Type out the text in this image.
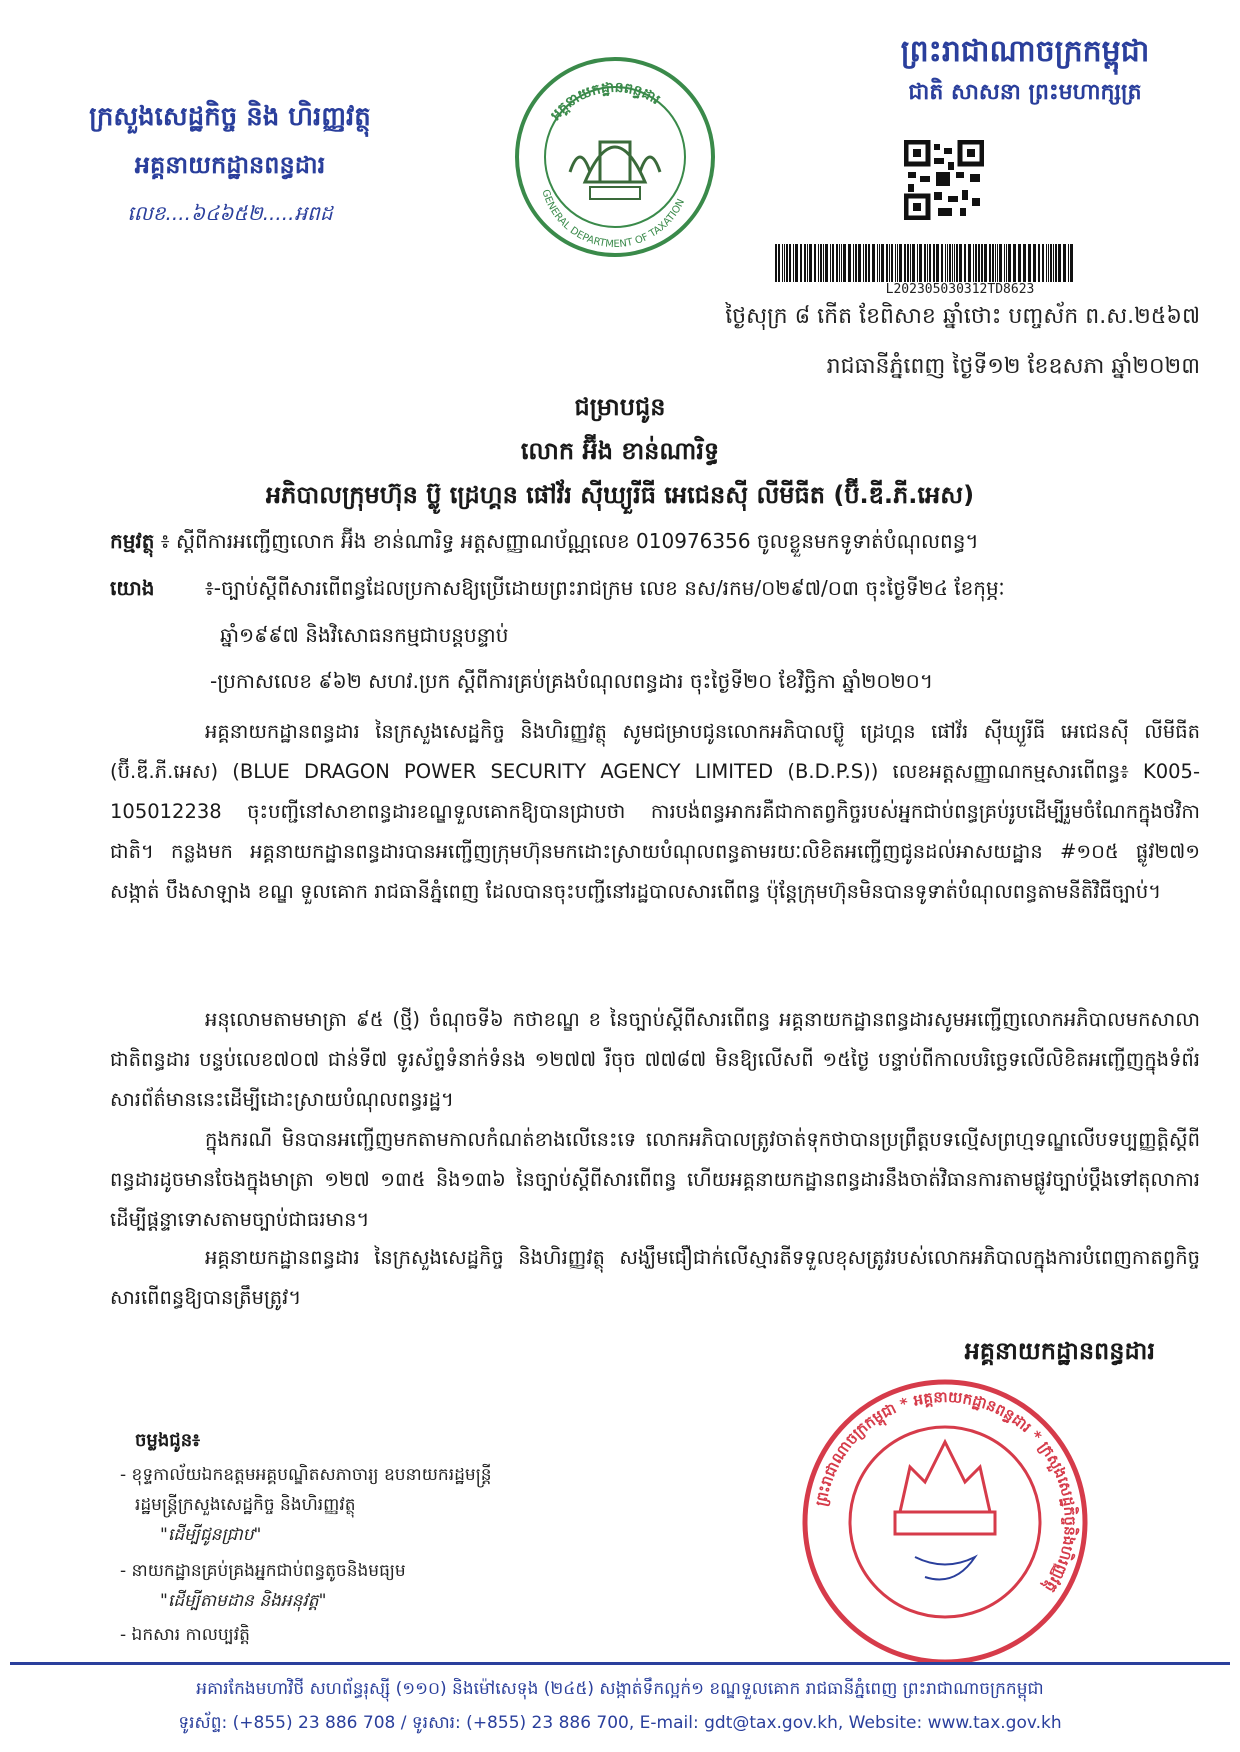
ក្រសួងសេដ្ឋកិច្ច និង ហិរញ្ញវត្ថុ
អគ្គនាយកដ្ឋានពន្ធដារ
លេខ....៦៤៦៥២.....អពដ
GENERAL DEPARTMENT OF TAXATION
អគ្គនាយកដ្ឋានពន្ធដារ
ព្រះរាជាណាចក្រកម្ពុជា
ជាតិ សាសនា ព្រះមហាក្សត្រ
L202305030312TD8623
ថ្ងៃសុក្រ ៨ កើត ខែពិសាខ ឆ្នាំថោះ បញ្ចស័ក ព.ស.២៥៦៧
រាជធានីភ្នំពេញ ថ្ងៃទី១២ ខែឧសភា ឆ្នាំ២០២៣
ជម្រាបជូន
លោក អ៊ីង ខាន់ណារិទ្ធ
អភិបាលក្រុមហ៊ុន ប៊្លូ ដ្រេហ្គន ផៅវ័រ ស៊ីឃ្យួរីធី អេជេនស៊ី លីមីធីត (ប៊ី.ឌី.ភី.អេស)
កម្មវត្ថុ ៖ ស្ដីពីការអញ្ជើញលោក អ៊ីង ខាន់ណារិទ្ធ អត្តសញ្ញាណប័ណ្ណលេខ 010976356 ចូលខ្លួនមកទូទាត់បំណុលពន្ធ។
យោង	៖-ច្បាប់ស្ដីពីសារពើពន្ធដែលប្រកាសឱ្យប្រើដោយព្រះរាជក្រម លេខ នស/រកម/០២៩៧/០៣ ចុះថ្ងៃទី២៤ ខែកុម្ភៈ
ឆ្នាំ១៩៩៧ និងវិសោធនកម្មជាបន្តបន្ទាប់
-ប្រកាសលេខ ៩៦២ សហវ.ប្រក ស្ដីពីការគ្រប់គ្រងបំណុលពន្ធដារ ចុះថ្ងៃទី២០ ខែវិច្ឆិកា ឆ្នាំ២០២០។
អគ្គនាយកដ្ឋានពន្ធដារ នៃក្រសួងសេដ្ឋកិច្ច និងហិរញ្ញវត្ថុ សូមជម្រាបជូនលោកអភិបាលប៊្លូ ដ្រេហ្គន ផៅវ័រ ស៊ីឃ្យួរីធី អេជេនស៊ី លីមីធីត (ប៊ី.ឌី.ភី.អេស) (BLUE DRAGON POWER SECURITY AGENCY LIMITED (B.D.P.S)) លេខអត្តសញ្ញាណកម្មសារពើពន្ធ៖ K005-105012238 ចុះបញ្ជីនៅសាខាពន្ធដារខណ្ឌទួលគោកឱ្យបានជ្រាបថា ការបង់ពន្ធអាករគឺជាកាតព្វកិច្ចរបស់អ្នកជាប់ពន្ធគ្រប់រូបដើម្បីរួមចំណែកក្នុងថវិកាជាតិ។ កន្លងមក អគ្គនាយកដ្ឋានពន្ធដារបានអញ្ជើញក្រុមហ៊ុនមកដោះស្រាយបំណុលពន្ធតាមរយៈលិខិតអញ្ជើញជូនដល់អាសយដ្ឋាន #១០៥ ផ្លូវ២៧១ សង្កាត់ បឹងសាឡាង ខណ្ឌ ទួលគោក រាជធានីភ្នំពេញ ដែលបានចុះបញ្ជីនៅរដ្ឋបាលសារពើពន្ធ ប៉ុន្តែក្រុមហ៊ុនមិនបានទូទាត់បំណុលពន្ធតាមនីតិវិធីច្បាប់។
អនុលោមតាមមាត្រា ៩៥ (ថ្មី) ចំណុចទី៦ កថាខណ្ឌ ខ នៃច្បាប់ស្ដីពីសារពើពន្ធ អគ្គនាយកដ្ឋានពន្ធដារសូមអញ្ជើញលោកអភិបាលមកសាលាជាតិពន្ធដារ បន្ទប់លេខ៧០៧ ជាន់ទី៧ ទូរស័ព្ទទំនាក់ទំនង ១២៧៧ រឺចុច ៧៧៨៧ មិនឱ្យលើសពី ១៥ថ្ងៃ បន្ទាប់ពីកាលបរិច្ឆេទលើលិខិតអញ្ជើញក្នុងទំព័រសារព័ត៌មាននេះដើម្បីដោះស្រាយបំណុលពន្ធរដ្ឋ។
ក្នុងករណី មិនបានអញ្ជើញមកតាមកាលកំណត់ខាងលើនេះទេ លោកអភិបាលត្រូវចាត់ទុកថាបានប្រព្រឹត្តបទល្មើសព្រហ្មទណ្ឌលើបទប្បញ្ញត្តិស្ដីពីពន្ធដារដូចមានចែងក្នុងមាត្រា ១២៧ ១៣៥ និង១៣៦ នៃច្បាប់ស្ដីពីសារពើពន្ធ ហើយអគ្គនាយកដ្ឋានពន្ធដារនឹងចាត់វិធានការតាមផ្លូវច្បាប់ប្ដឹងទៅតុលាការដើម្បីផ្តន្ទាទោសតាមច្បាប់ជាធរមាន។
អគ្គនាយកដ្ឋានពន្ធដារ នៃក្រសួងសេដ្ឋកិច្ច និងហិរញ្ញវត្ថុ សង្ឃឹមជឿជាក់លើស្មារតីទទួលខុសត្រូវរបស់លោកអភិបាលក្នុងការបំពេញកាតព្វកិច្ចសារពើពន្ធឱ្យបានត្រឹមត្រូវ។
អគ្គនាយកដ្ឋានពន្ធដារ
ព្រះរាជាណាចក្រកម្ពុជា * អគ្គនាយកដ្ឋានពន្ធដារ * ក្រសួងសេដ្ឋកិច្ចនិងហិរញ្ញវត្ថុ
ចម្លងជូន៖
- ខុទ្ទកាល័យឯកឧត្តមអគ្គបណ្ឌិតសភាចារ្យ ឧបនាយករដ្ឋមន្ត្រី
រដ្ឋមន្ត្រីក្រសួងសេដ្ឋកិច្ច និងហិរញ្ញវត្ថុ
"ដើម្បីជូនជ្រាប"
- នាយកដ្ឋានគ្រប់គ្រងអ្នកជាប់ពន្ធតូចនិងមធ្យម
"ដើម្បីតាមដាន និងអនុវត្ត"
- ឯកសារ កាលប្បវត្តិ
អគារកែងមហាវិថី សហព័ន្ធរុស្ស៊ី (១១០) និងម៉ៅសេទុង (២៤៥) សង្កាត់ទឹកល្អក់១ ខណ្ឌទួលគោក រាជធានីភ្នំពេញ ព្រះរាជាណាចក្រកម្ពុជា
ទូរស័ព្ទ: (+855) 23 886 708 / ទូរសារ: (+855) 23 886 700, E-mail: gdt@tax.gov.kh, Website: www.tax.gov.kh
